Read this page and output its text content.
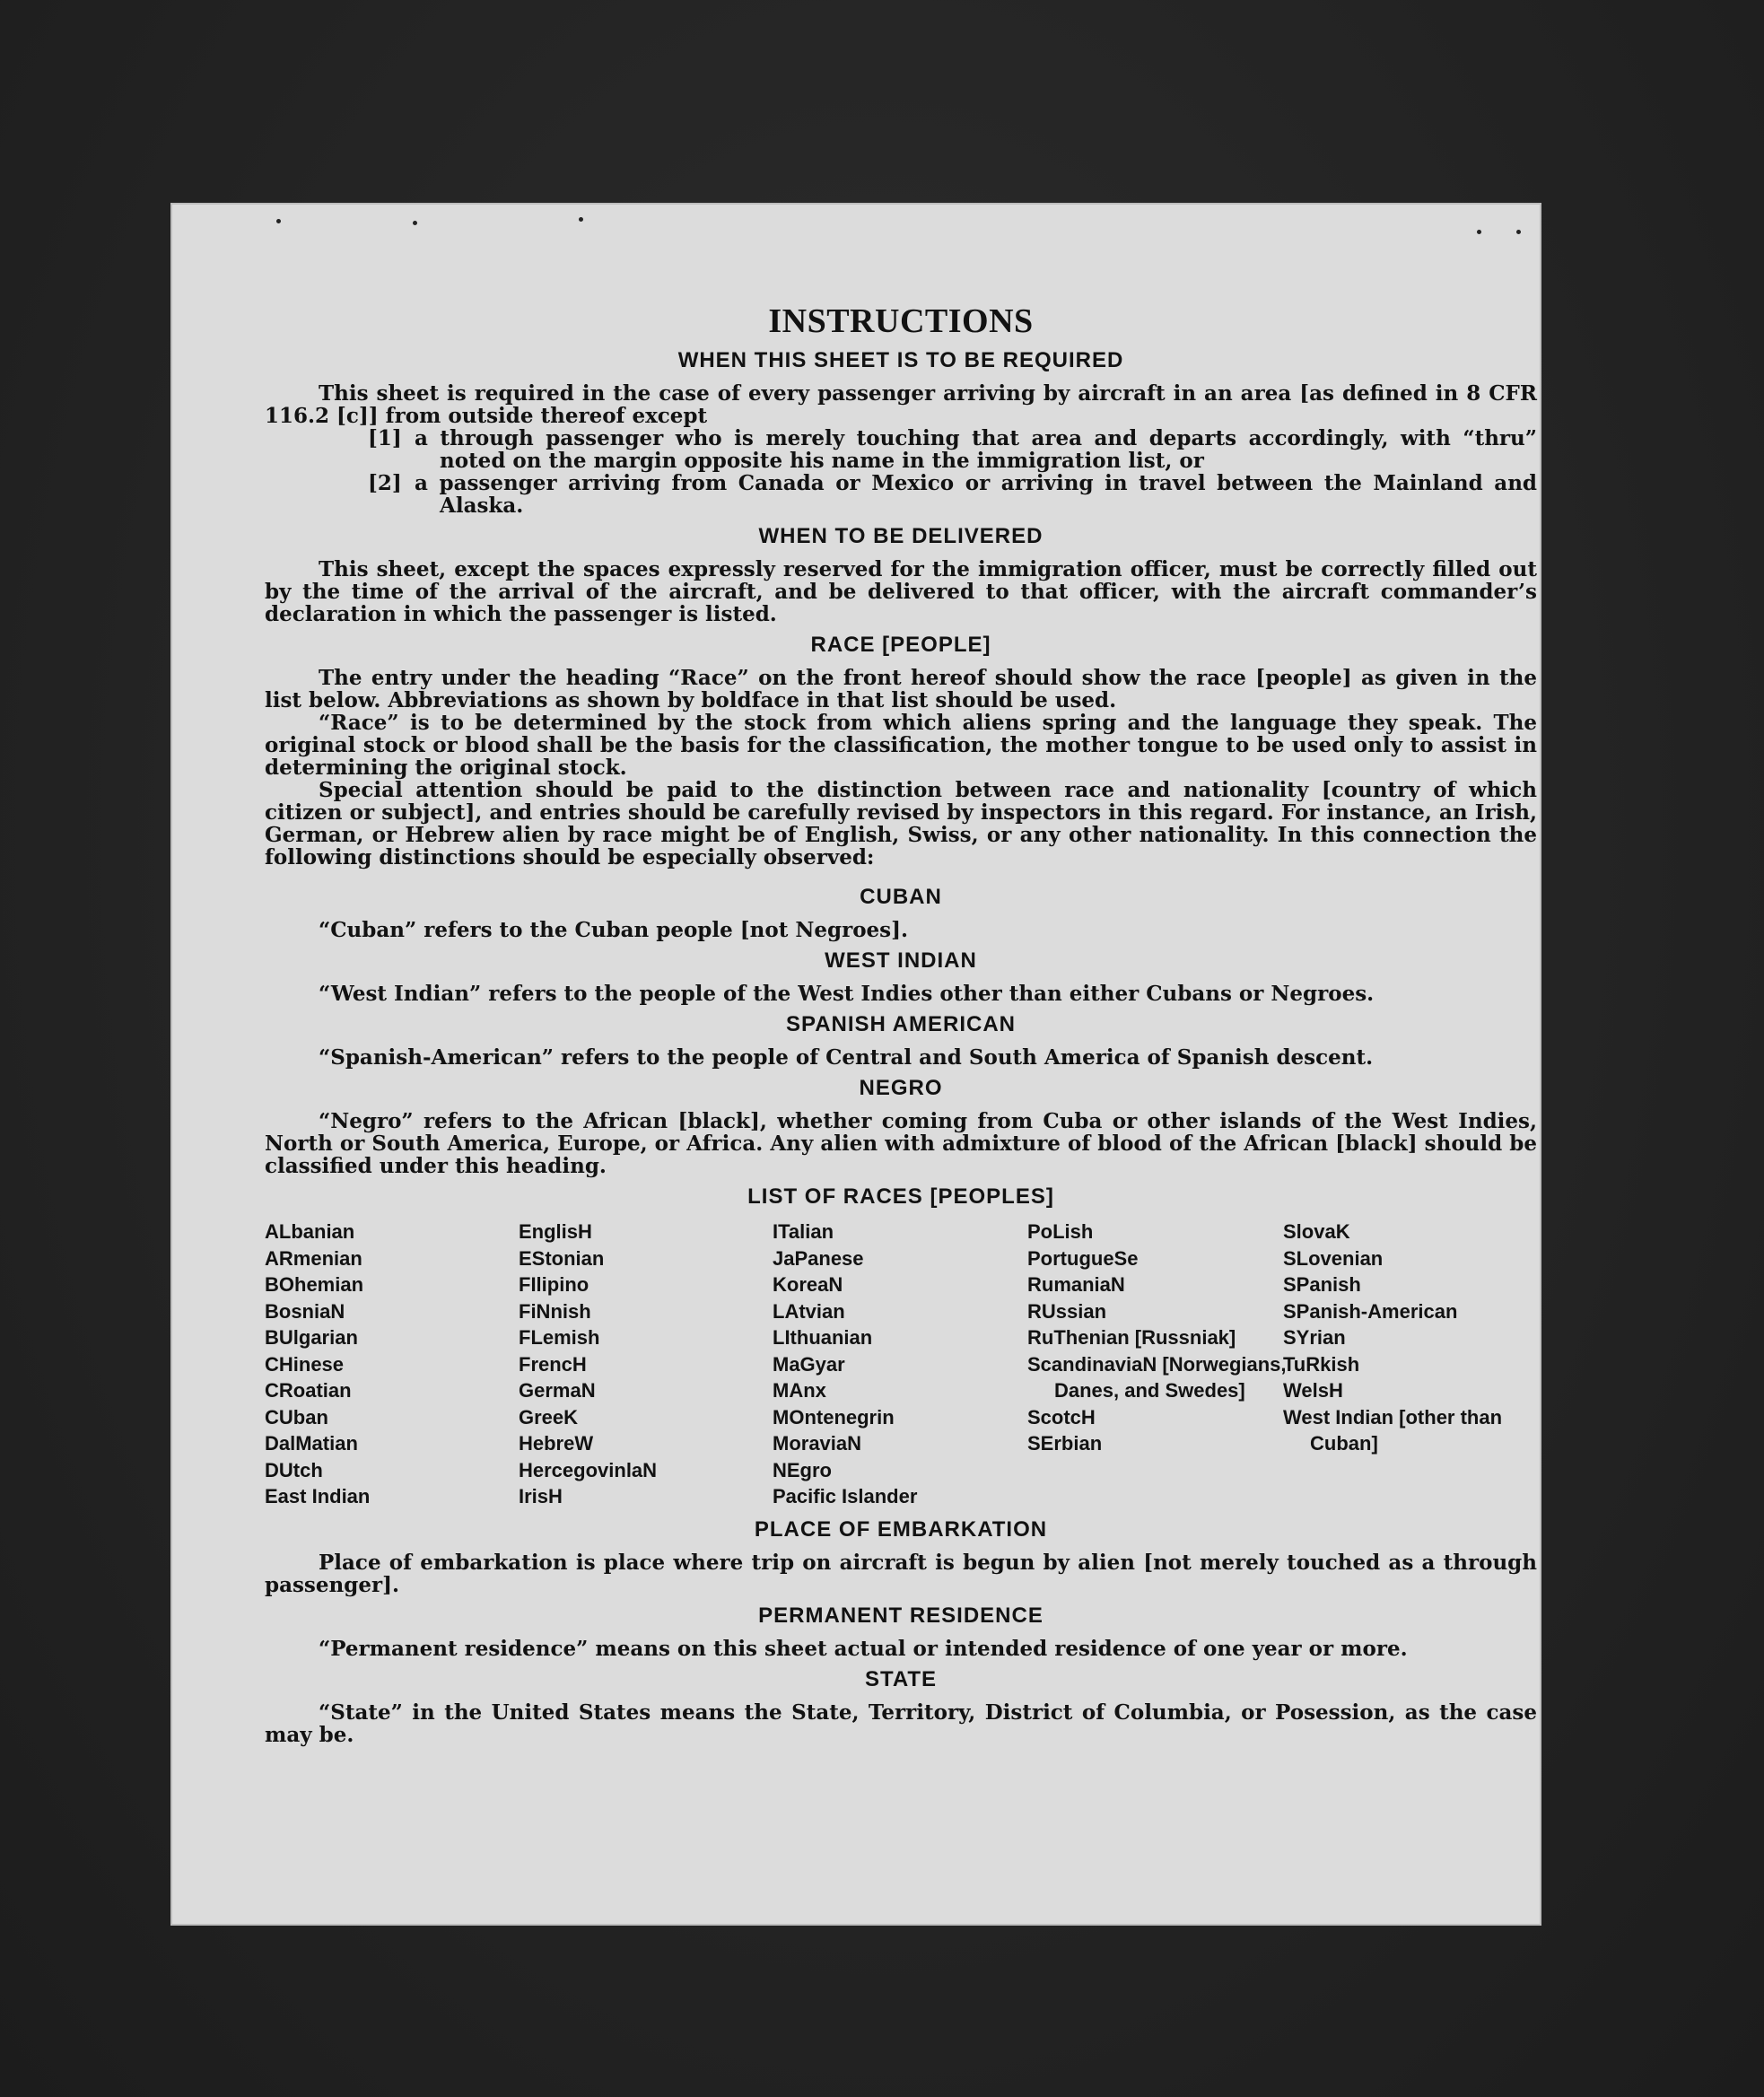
INSTRUCTIONS
WHEN THIS SHEET IS TO BE REQUIRED

This sheet is required in the case of every passenger arriving by aircraft in an area [as defined in 8 CFR 116.2 [c]] from outside thereof except

[1] a through passenger who is merely touching that area and departs accordingly, with “thru” noted on the margin opposite his name in the immigration list, or
[2] a passenger arriving from Canada or Mexico or arriving in travel between the Mainland and Alaska.
WHEN TO BE DELIVERED

This sheet, except the spaces expressly reserved for the immigration officer, must be correctly filled out by the time of the arrival of the aircraft, and be delivered to that officer, with the aircraft commander’s declaration in which the passenger is listed.

RACE [PEOPLE]

The entry under the heading “Race” on the front hereof should show the race [people] as given in the list below. Abbreviations as shown by boldface in that list should be used.

“Race” is to be determined by the stock from which aliens spring and the language they speak. The original stock or blood shall be the basis for the classification, the mother tongue to be used only to assist in determining the original stock.

Special attention should be paid to the distinction between race and nationality [country of which citizen or subject], and entries should be carefully revised by inspectors in this regard. For instance, an Irish, German, or Hebrew alien by race might be of English, Swiss, or any other nationality. In this connection the following distinctions should be especially observed:

CUBAN

“Cuban” refers to the Cuban people [not Negroes].

WEST INDIAN

“West Indian” refers to the people of the West Indies other than either Cubans or Negroes.

SPANISH AMERICAN

“Spanish-American” refers to the people of Central and South America of Spanish descent.

NEGRO

“Negro” refers to the African [black], whether coming from Cuba or other islands of the West Indies, North or South America, Europe, or Africa. Any alien with admixture of blood of the African [black] should be classified under this heading.

LIST OF RACES [PEOPLES]
ALbanian
ARmenian
BOhemian
BosniaN
BUlgarian
CHinese
CRoatian
CUban
DalMatian
DUtch
East Indian
EnglisH
EStonian
FIlipino
FiNnish
FLemish
FrencH
GermaN
GreeK
HebreW
HercegovinlaN
IrisH
ITalian
JaPanese
KoreaN
LAtvian
LIthuanian
MaGyar
MAnx
MOntenegrin
MoraviaN
NEgro
Pacific Islander
PoLish
PortugueSe
RumaniaN
RUssian
RuThenian [Russniak]
ScandinaviaN [Norwegians, Danes, and Swedes]
ScotcH
SErbian
SlovaK
SLovenian
SPanish
SPanish-American
SYrian
TuRkish
WelsH
West Indian [other than Cuban]
PLACE OF EMBARKATION

Place of embarkation is place where trip on aircraft is begun by alien [not merely touched as a through passenger].

PERMANENT RESIDENCE

“Permanent residence” means on this sheet actual or intended residence of one year or more.

STATE

“State” in the United States means the State, Territory, District of Columbia, or Posession, as the case may be.
